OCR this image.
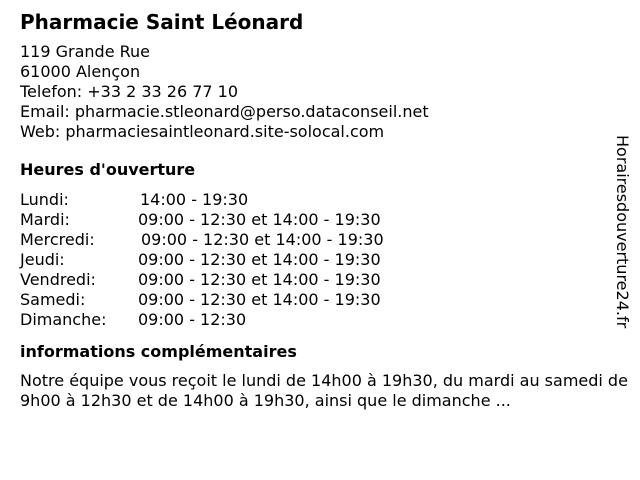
Pharmacie Saint Léonard
119 Grande Rue
61000 Alençon
Telefon: +33 2 33 26 77 10
Email: pharmacie.stleonard@perso.dataconseil.net
Web: pharmaciesaintleonard.site-solocal.com
Heures d'ouverture
Lundi:	14:00 - 19:30
Mardi:	09:00 - 12:30 et 14:00 - 19:30
Mercredi:	09:00 - 12:30 et 14:00 - 19:30
Jeudi:	09:00 - 12:30 et 14:00 - 19:30
Vendredi:	09:00 - 12:30 et 14:00 - 19:30
Samedi:	09:00 - 12:30 et 14:00 - 19:30
Dimanche: 09:00 - 12:30
informations complémentaires
Notre équipe vous reçoit le lundi de 14h00 à 19h30, du mardi au samedi de 9h00 à 12h30 et de 14h00 à 19h30, ainsi que le dimanche ...
Horairesdouverture24.fr
